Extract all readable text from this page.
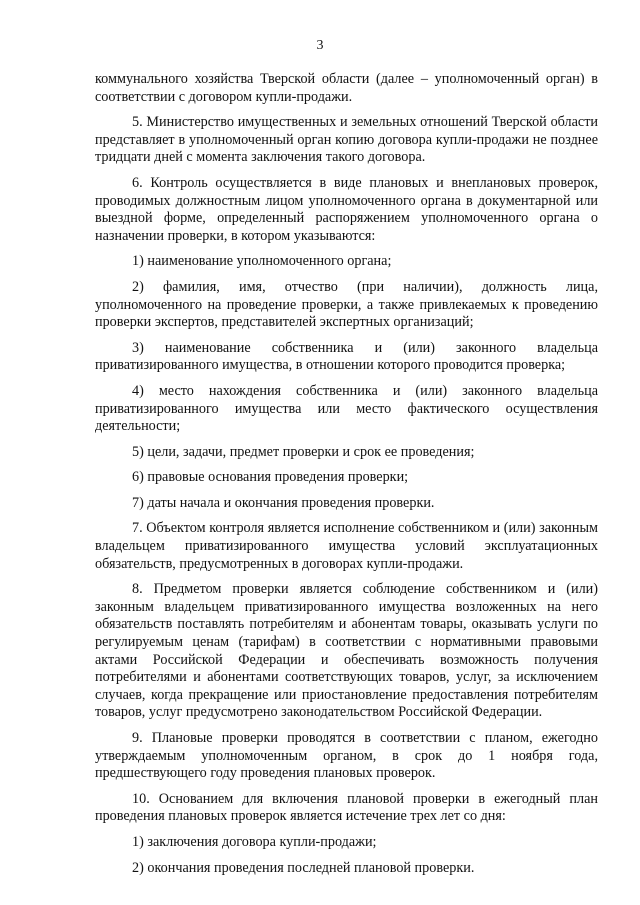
3

коммунального хозяйства Тверской области (далее – уполномоченный орган) в соответствии с договором купли-продажи.

5. Министерство имущественных и земельных отношений Тверской области представляет в уполномоченный орган копию договора купли-продажи не позднее тридцати дней с момента заключения такого договора.

6. Контроль осуществляется в виде плановых и внеплановых проверок, проводимых должностным лицом уполномоченного органа в документарной или выездной форме, определенный распоряжением уполномоченного органа о назначении проверки, в котором указываются:

1) наименование уполномоченного органа;

2) фамилия, имя, отчество (при наличии), должность лица, уполномоченного на проведение проверки, а также привлекаемых к проведению проверки экспертов, представителей экспертных организаций;

3) наименование собственника и (или) законного владельца приватизированного имущества, в отношении которого проводится проверка;

4) место нахождения собственника и (или) законного владельца приватизированного имущества или место фактического осуществления деятельности;

5) цели, задачи, предмет проверки и срок ее проведения;

6) правовые основания проведения проверки;

7) даты начала и окончания проведения проверки.

7. Объектом контроля является исполнение собственником и (или) законным владельцем приватизированного имущества условий эксплуатационных обязательств, предусмотренных в договорах купли-продажи.

8. Предметом проверки является соблюдение собственником и (или) законным владельцем приватизированного имущества возложенных на него обязательств поставлять потребителям и абонентам товары, оказывать услуги по регулируемым ценам (тарифам) в соответствии с нормативными правовыми актами Российской Федерации и обеспечивать возможность получения потребителями и абонентами соответствующих товаров, услуг, за исключением случаев, когда прекращение или приостановление предоставления потребителям товаров, услуг предусмотрено законодательством Российской Федерации.

9. Плановые проверки проводятся в соответствии с планом, ежегодно утверждаемым уполномоченным органом, в срок до 1 ноября года, предшествующего году проведения плановых проверок.

10. Основанием для включения плановой проверки в ежегодный план проведения плановых проверок является истечение трех лет со дня:

1) заключения договора купли-продажи;

2) окончания проведения последней плановой проверки.
